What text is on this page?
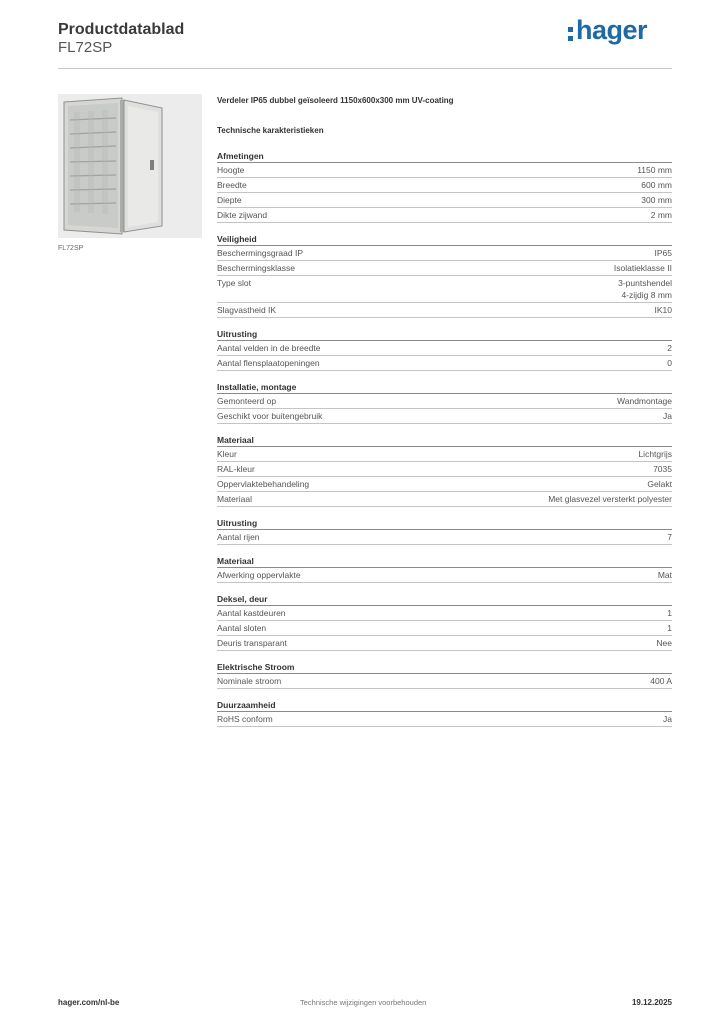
Productdatablad
FL72SP
hager
FL72SP
Verdeler IP65 dubbel geïsoleerd 1150x600x300 mm UV-coating
Technische karakteristieken
Afmetingen
Hoogte	1150 mm
Breedte	600 mm
Diepte	300 mm
Dikte zijwand	2 mm
Veiligheid
Beschermingsgraad IP	IP65
Beschermingsklasse	Isolatieklasse II
Type slot	3-puntshendel
4-zijdig 8 mm
Slagvastheid IK	IK10
Uitrusting
Aantal velden in de breedte	2
Aantal flensplaatopeningen	0
Installatie, montage
Gemonteerd op	Wandmontage
Geschikt voor buitengebruik	Ja
Materiaal
Kleur	Lichtgrijs
RAL-kleur	7035
Oppervlaktebehandeling	Gelakt
Materiaal	Met glasvezel versterkt polyester
Uitrusting
Aantal rijen	7
Materiaal
Afwerking oppervlakte	Mat
Deksel, deur
Aantal kastdeuren	1
Aantal sloten	1
Deuris transparant	Nee
Elektrische Stroom
Nominale stroom	400 A
Duurzaamheid
RoHS conform	Ja
hager.com/nl-be	Technische wijzigingen voorbehouden	19.12.2025
